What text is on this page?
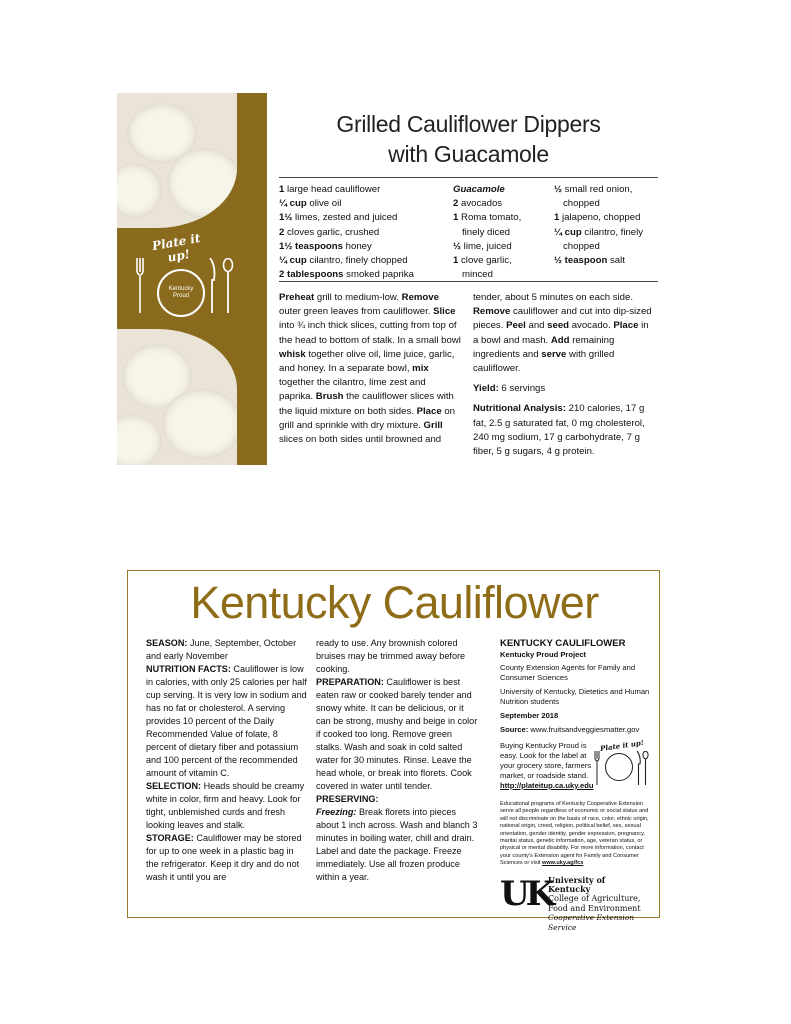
Plate it up!
Kentucky
Proud
Grilled Cauliflower Dippers
with Guacamole
1 large head cauliflower
¼ cup olive oil
1½ limes, zested and juiced
2 cloves garlic, crushed
1½ teaspoons honey
¼ cup cilantro, finely chopped
2 tablespoons smoked paprika
Guacamole
2 avocados
1 Roma tomato,
finely diced
½ lime, juiced
1 clove garlic,
minced
½ small red onion,
chopped
1 jalapeno, chopped
¼ cup cilantro, finely
chopped
½ teaspoon salt

Preheat grill to medium-low. Remove outer green leaves from cauliflower. Slice into ¾ inch thick slices, cutting from top of the head to bottom of stalk. In a small bowl whisk together olive oil, lime juice, garlic, and honey. In a separate bowl, mix together the cilantro, lime zest and paprika. Brush the cauliflower slices with the liquid mixture on both sides. Place on grill and sprinkle with dry mixture. Grill slices on both sides until browned and

tender, about 5 minutes on each side. Remove cauliflower and cut into dip-sized pieces. Peel and seed avocado. Place in a bowl and mash. Add remaining ingredients and serve with grilled cauliflower.

Yield: 6 servings

Nutritional Analysis: 210 calories, 17 g fat, 2.5 g saturated fat, 0 mg cholesterol, 240 mg sodium, 17 g carbohydrate, 7 g fiber, 5 g sugars, 4 g protein.

Kentucky Cauliflower

SEASON: June, September, October and early November

NUTRITION FACTS: Cauliflower is low in calories, with only 25 calories per half cup serving. It is very low in sodium and has no fat or cholesterol. A serving provides 10 percent of the Daily Recommended Value of folate, 8 percent of dietary fiber and potassium and 100 percent of the recommended amount of vitamin C.

SELECTION: Heads should be creamy white in color, firm and heavy. Look for tight, unblemished curds and fresh looking leaves and stalk.

STORAGE: Cauliflower may be stored for up to one week in a plastic bag in the refrigerator. Keep it dry and do not wash it until you are

ready to use. Any brownish colored bruises may be trimmed away before cooking.

PREPARATION: Cauliflower is best eaten raw or cooked barely tender and snowy white. It can be delicious, or it can be strong, mushy and beige in color if cooked too long. Remove green stalks. Wash and soak in cold salted water for 30 minutes. Rinse. Leave the head whole, or break into florets. Cook covered in water until tender.

PRESERVING:

Freezing: Break florets into pieces about 1 inch across. Wash and blanch 3 minutes in boiling water, chill and drain. Label and date the package. Freeze immediately. Use all frozen produce within a year.

KENTUCKY CAULIFLOWER
Kentucky Proud Project
County Extension Agents for Family and Consumer Sciences
University of Kentucky, Dietetics and Human Nutrition students
September 2018
Source: www.fruitsandveggiesmatter.gov
Buying Kentucky Proud is easy. Look for the label at your grocery store, farmers market, or roadside stand. http://plateitup.ca.uky.edu
Plate it up!
Educational programs of Kentucky Cooperative Extension serve all people regardless of economic or social status and will not discriminate on the basis of race, color, ethnic origin, national origin, creed, religion, political belief, sex, sexual orientation, gender identity, gender expression, pregnancy, marital status, genetic information, age, veteran status, or physical or mental disability. For more information, contact your county's Extension agent for Family and Consumer Sciences or visit www.uky.ag/fcs
UK
University of Kentucky
College of Agriculture,
Food and Environment
Cooperative Extension Service
